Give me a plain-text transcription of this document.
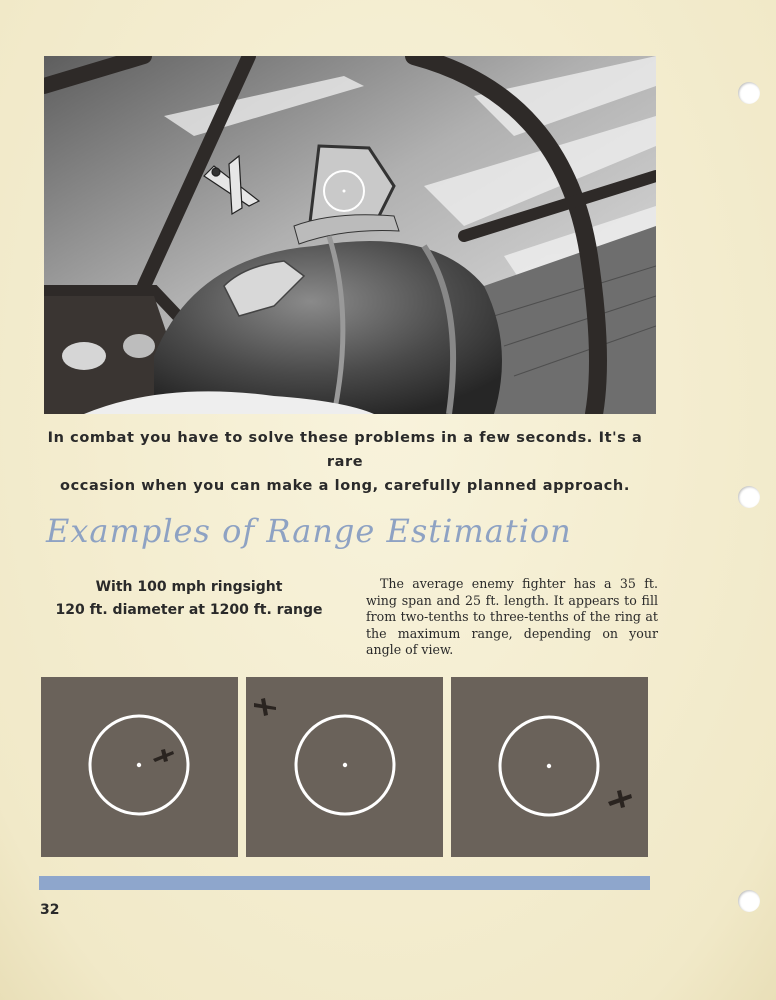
In combat you have to solve these problems in a few seconds. It's a rare
occasion when you can make a long, carefully planned approach.
Examples of Range Estimation
With 100 mph ringsight
120 ft. diameter at 1200 ft. range
The average enemy fighter has a 35 ft. wing span and 25 ft. length. It appears to fill from two-tenths to three-tenths of the ring at the maximum range, depending on your angle of view.
32
